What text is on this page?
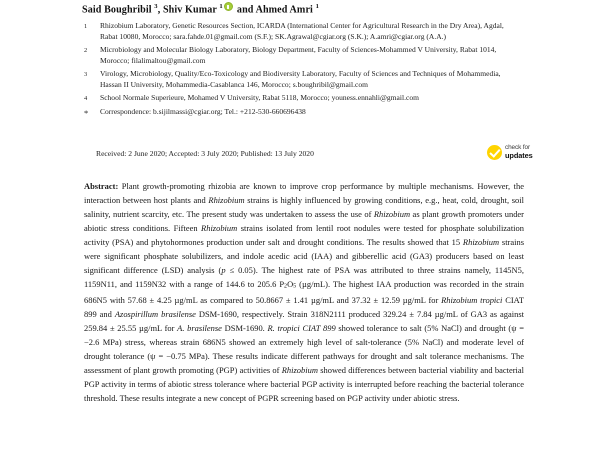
Said Boughribil $^3$, Shiv Kumar $^1$ and Ahmed Amri $^1$
1	Rhizobium Laboratory, Genetic Resources Section, ICARDA (International Center for Agricultural Research in the Dry Area), Agdal, Rabat 10080, Morocco; sara.fahde.01@gmail.com (S.F.); SK.Agrawal@cgiar.org (S.K.); A.amri@cgiar.org (A.A.)
2	Microbiology and Molecular Biology Laboratory, Biology Department, Faculty of Sciences-Mohammed V University, Rabat 1014, Morocco; filalimaltou@gmail.com
3	Virology, Microbiology, Quality/Eco-Toxicology and Biodiversity Laboratory, Faculty of Sciences and Techniques of Mohammedia, Hassan II University, Mohammedia-Casablanca 146, Morocco; s.boughribil@gmail.com
4	School Normale Superieure, Mohamed V University, Rabat 5118, Morocco; youness.ennahli@gmail.com
*	Correspondence: b.sijilmassi@cgiar.org; Tel.: +212-530-660696438
Received: 2 June 2020; Accepted: 3 July 2020; Published: 13 July 2020
check for
updates
Abstract: Plant growth-promoting rhizobia are known to improve crop performance by multiple mechanisms. However, the interaction between host plants and Rhizobium strains is highly influenced by growing conditions, e.g., heat, cold, drought, soil salinity, nutrient scarcity, etc. The present study was undertaken to assess the use of Rhizobium as plant growth promoters under abiotic stress conditions. Fifteen Rhizobium strains isolated from lentil root nodules were tested for phosphate solubilization activity (PSA) and phytohormones production under salt and drought conditions. The results showed that 15 Rhizobium strains were significant phosphate solubilizers, and indole acedic acid (IAA) and gibberellic acid (GA3) producers based on least significant difference (LSD) analysis (p ≤ 0.05). The highest rate of PSA was attributed to three strains namely, 1145N5, 1159N11, and 1159N32 with a range of 144.6 to 205.6 $P_2O_5$ (µg/mL). The highest IAA production was recorded in the strain 686N5 with 57.68 ± 4.25 µg/mL as compared to 50.8667 ± 1.41 µg/mL and 37.32 ± 12.59 µg/mL for Rhizobium tropici CIAT 899 and Azospirillum brasilense DSM-1690, respectively. Strain 318N2111 produced 329.24 ± 7.84 µg/mL of GA3 as against 259.84 ± 25.55 µg/mL for A. brasilense DSM-1690. R. tropici CIAT 899 showed tolerance to salt (5% NaCl) and drought (ψ = −2.6 MPa) stress, whereas strain 686N5 showed an extremely high level of salt-tolerance (5% NaCl) and moderate level of drought tolerance (ψ = −0.75 MPa). These results indicate different pathways for drought and salt tolerance mechanisms. The assessment of plant growth promoting (PGP) activities of Rhizobium showed differences between bacterial viability and bacterial PGP activity in terms of abiotic stress tolerance where bacterial PGP activity is interrupted before reaching the bacterial tolerance threshold. These results integrate a new concept of PGPR screening based on PGP activity under abiotic stress.
